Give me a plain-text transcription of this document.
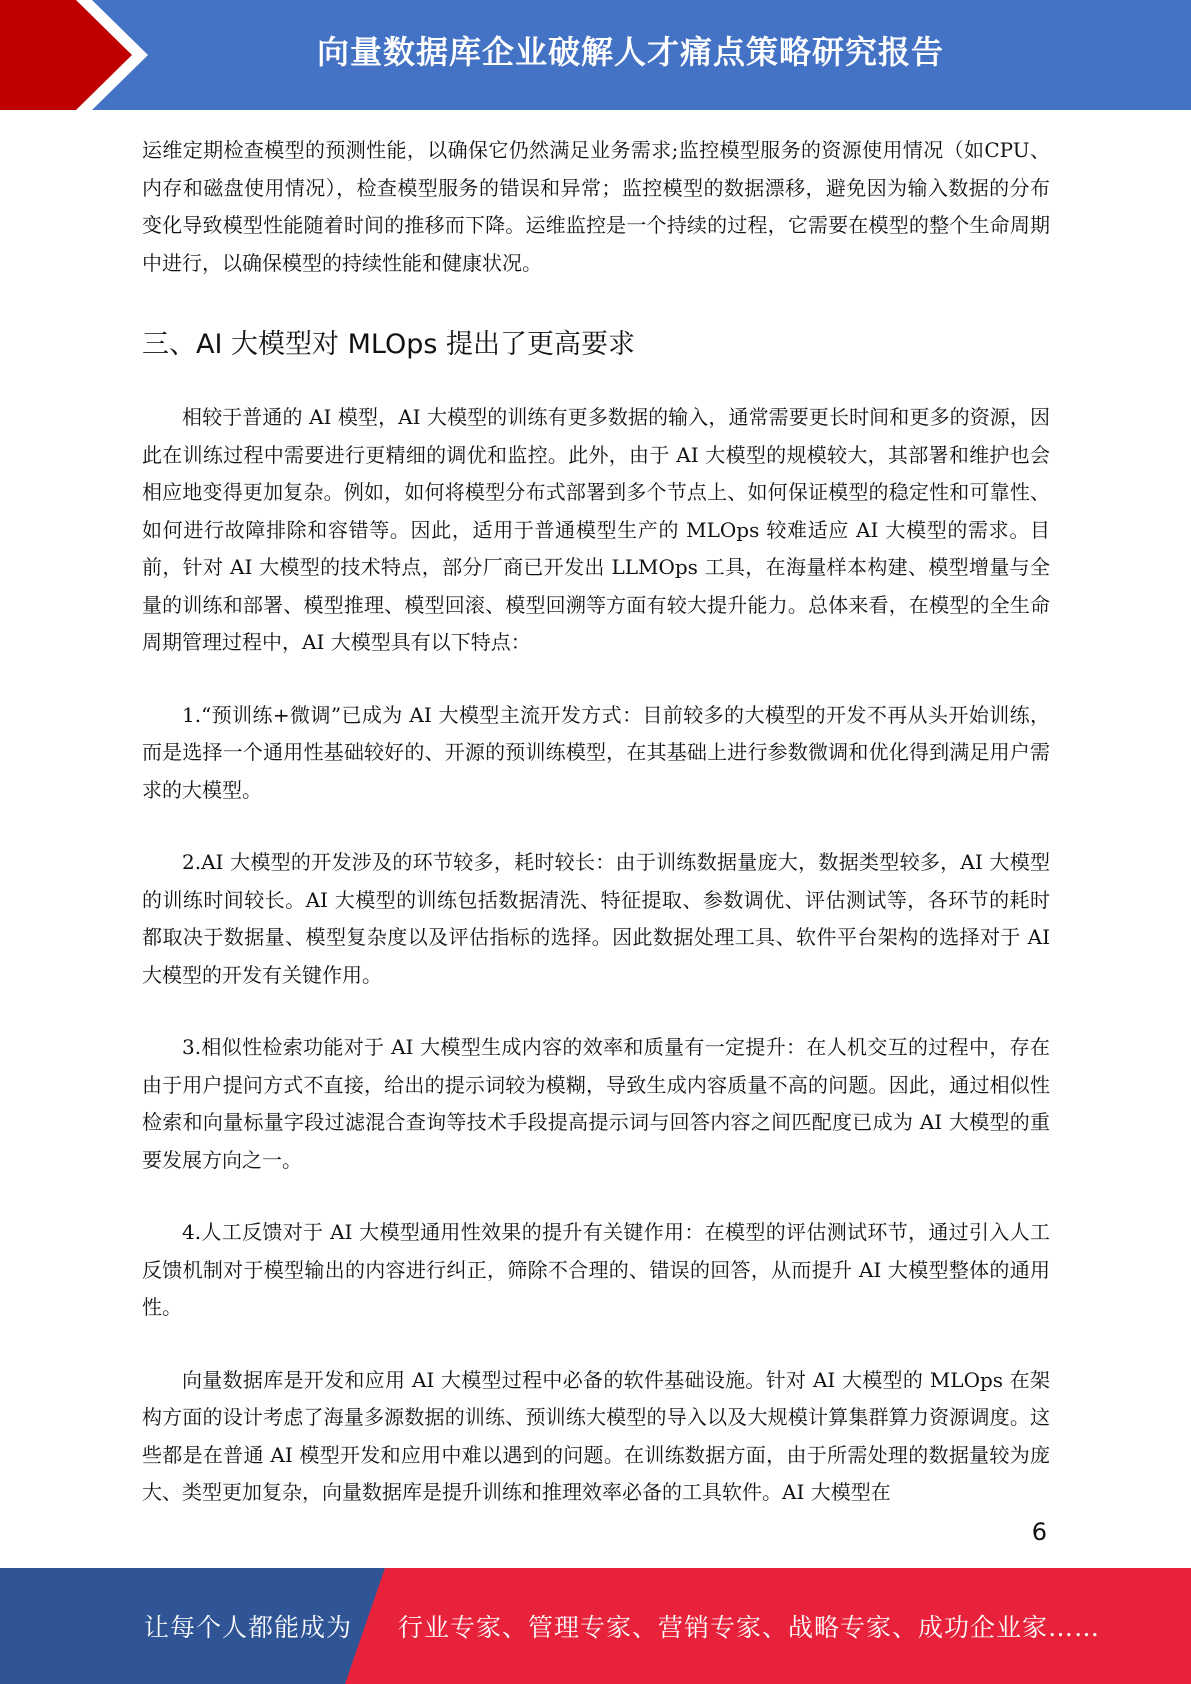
向量数据库企业破解人才痛点策略研究报告

运维定期检查模型的预测性能，以确保它仍然满足业务需求;监控模型服务的资源使用情况（如CPU、内存和磁盘使用情况），检查模型服务的错误和异常；监控模型的数据漂移，避免因为输入数据的分布变化导致模型性能随着时间的推移而下降。运维监控是一个持续的过程，它需要在模型的整个生命周期中进行，以确保模型的持续性能和健康状况。

三、AI 大模型对 MLOps 提出了更高要求

相较于普通的 AI 模型，AI 大模型的训练有更多数据的输入，通常需要更长时间和更多的资源，因此在训练过程中需要进行更精细的调优和监控。此外，由于 AI 大模型的规模较大，其部署和维护也会相应地变得更加复杂。例如，如何将模型分布式部署到多个节点上、如何保证模型的稳定性和可靠性、如何进行故障排除和容错等。因此，适用于普通模型生产的 MLOps 较难适应 AI 大模型的需求。目前，针对 AI 大模型的技术特点，部分厂商已开发出 LLMOps 工具，在海量样本构建、模型增量与全量的训练和部署、模型推理、模型回滚、模型回溯等方面有较大提升能力。总体来看，在模型的全生命周期管理过程中，AI 大模型具有以下特点：

1.“预训练+微调”已成为 AI 大模型主流开发方式：目前较多的大模型的开发不再从头开始训练，而是选择一个通用性基础较好的、开源的预训练模型，在其基础上进行参数微调和优化得到满足用户需求的大模型。

2.AI 大模型的开发涉及的环节较多，耗时较长：由于训练数据量庞大，数据类型较多，AI 大模型的训练时间较长。AI 大模型的训练包括数据清洗、特征提取、参数调优、评估测试等，各环节的耗时都取决于数据量、模型复杂度以及评估指标的选择。因此数据处理工具、软件平台架构的选择对于 AI 大模型的开发有关键作用。

3.相似性检索功能对于 AI 大模型生成内容的效率和质量有一定提升：在人机交互的过程中，存在由于用户提问方式不直接，给出的提示词较为模糊，导致生成内容质量不高的问题。因此，通过相似性检索和向量标量字段过滤混合查询等技术手段提高提示词与回答内容之间匹配度已成为 AI 大模型的重要发展方向之一。

4.人工反馈对于 AI 大模型通用性效果的提升有关键作用：在模型的评估测试环节，通过引入人工反馈机制对于模型输出的内容进行纠正，筛除不合理的、错误的回答，从而提升 AI 大模型整体的通用性。

向量数据库是开发和应用 AI 大模型过程中必备的软件基础设施。针对 AI 大模型的 MLOps 在架构方面的设计考虑了海量多源数据的训练、预训练大模型的导入以及大规模计算集群算力资源调度。这些都是在普通 AI 模型开发和应用中难以遇到的问题。在训练数据方面，由于所需处理的数据量较为庞大、类型更加复杂，向量数据库是提升训练和推理效率必备的工具软件。AI 大模型在

6
让每个人都能成为 行业专家、管理专家、营销专家、战略专家、成功企业家……
